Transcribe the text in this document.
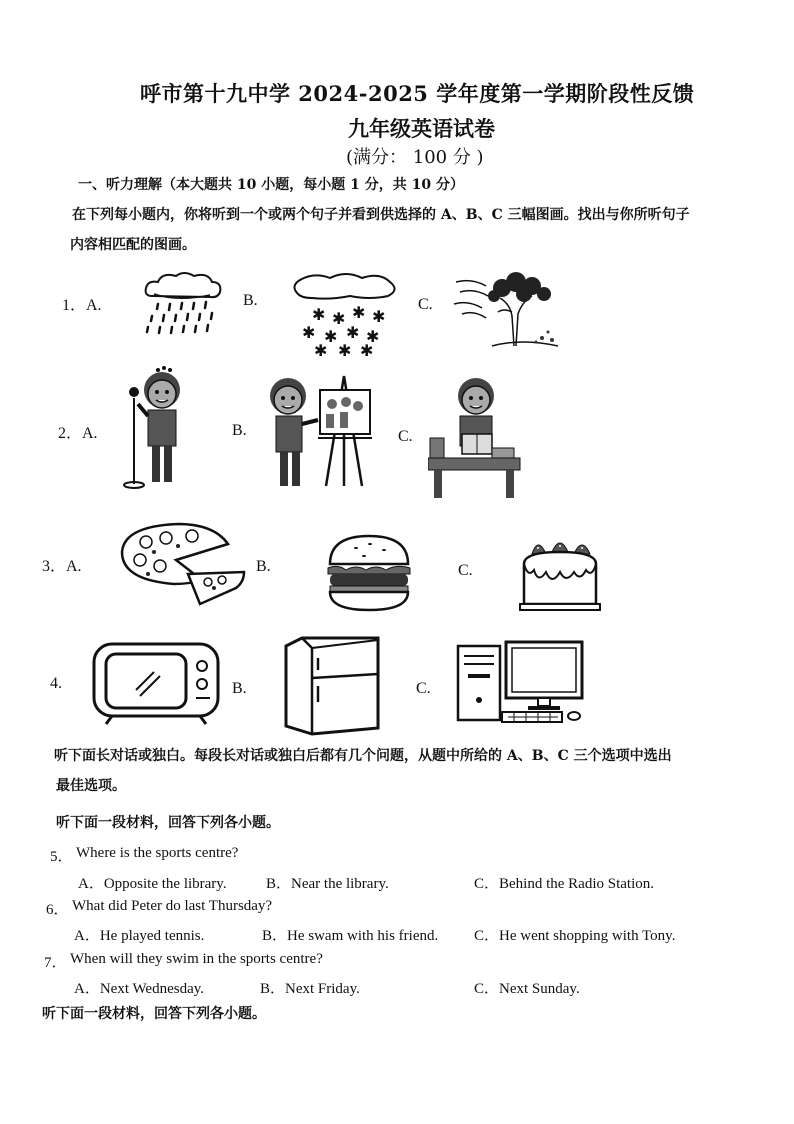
呼市第十九中学 2024-2025 学年度第一学期阶段性反馈
九年级英语试卷
(满分： 100 分 )
一、听力理解（本大题共 10 小题，每小题 1 分，共 10 分）
在下列每小题内，你将听到一个或两个句子并看到供选择的 A、B、C 三幅图画。找出与你所听句子
内容相匹配的图画。
1．A.	B.
✱ ✱ ✱ ✱
✱ ✱ ✱ ✱
✱ ✱ ✱
C.
2．A.	B.	C.
3．A.	B.	C.
4.	B.	C.
听下面长对话或独白。每段长对话或独白后都有几个问题，从题中所给的 A、B、C 三个选项中选出
最佳选项。
听下面一段材料，回答下列各小题。
5． Where is the sports centre?
A．Opposite the library.	B．Near the library.	C．Behind the Radio Station.
6． What did Peter do last Thursday?
A．He played tennis.	B．He swam with his friend. C．He went shopping with Tony.
7． When will they swim in the sports centre?
A．Next Wednesday.	B．Next Friday.	C．Next Sunday.
听下面一段材料，回答下列各小题。
